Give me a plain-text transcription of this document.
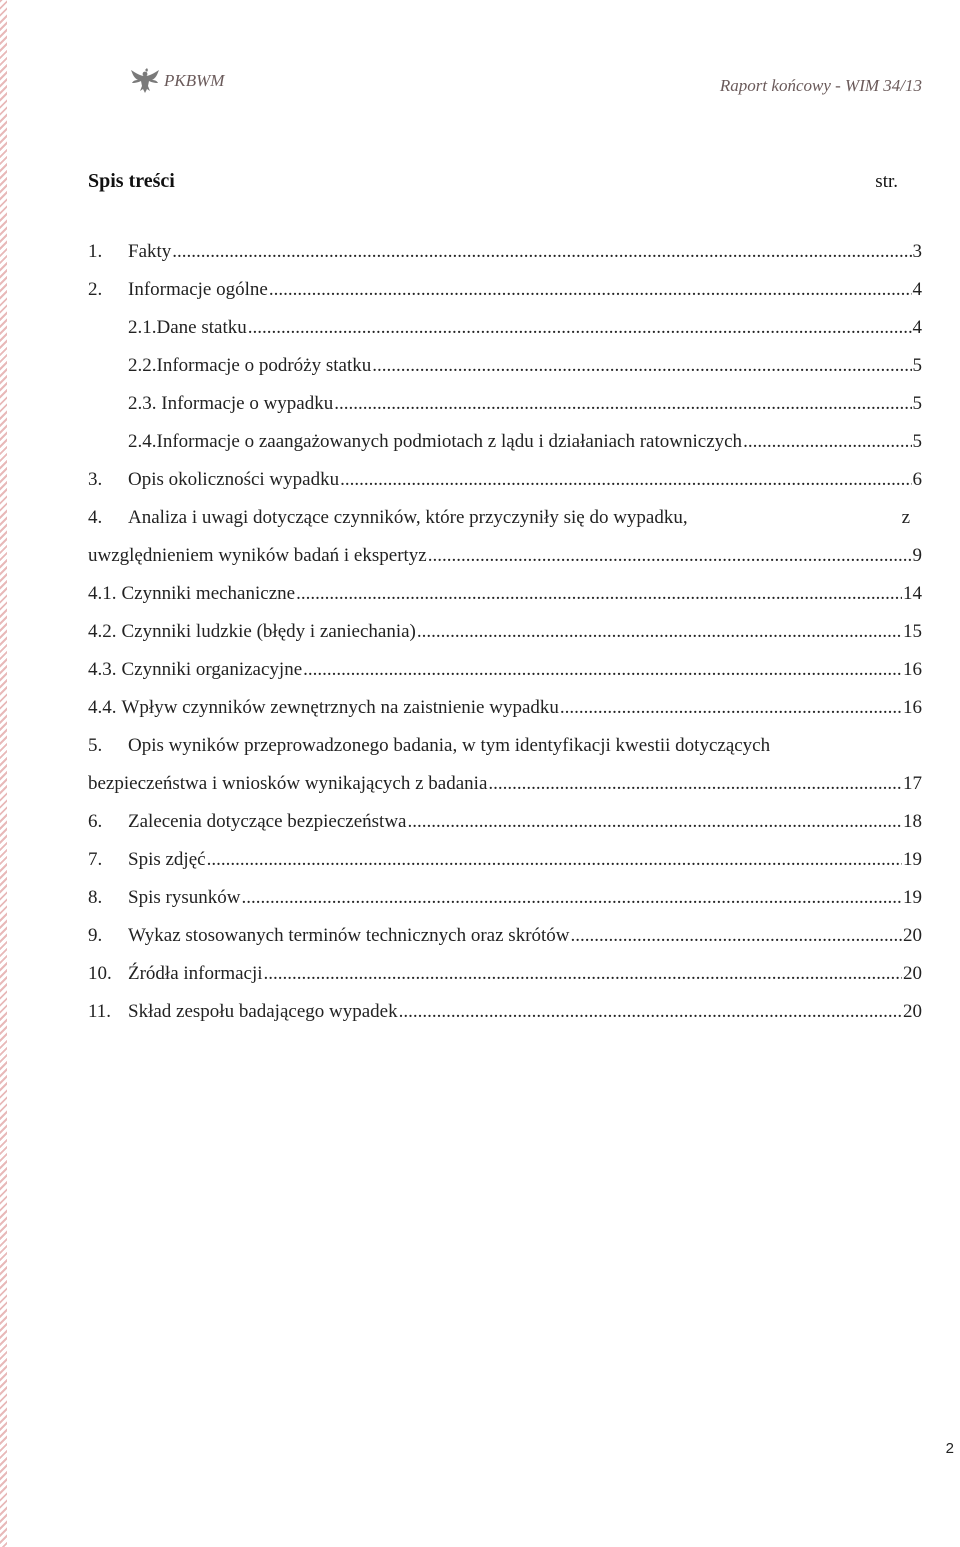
PKBWM	Raport końcowy - WIM 34/13
Spis treści	str.
1.	Fakty .....	3
2.	Informacje ogólne .....	4
2.1. Dane statku .....	4
2.2. Informacje o podróży statku .....	5
2.3. Informacje o wypadku .....	5
2.4. Informacje o zaangażowanych podmiotach z lądu i działaniach ratowniczych .....	5
3.	Opis okoliczności wypadku .....	6
4. Analiza i uwagi dotyczące czynników, które przyczyniły się do wypadku,	z
uwzględnieniem wyników badań i ekspertyz .....	9
4.1. Czynniki mechaniczne .....	14
4.2. Czynniki ludzkie (błędy i zaniechania) .....	15
4.3. Czynniki organizacyjne .....	16
4.4. Wpływ czynników zewnętrznych na zaistnienie wypadku .....	16
5.	Opis wyników przeprowadzonego badania, w tym identyfikacji kwestii dotyczących
bezpieczeństwa i wniosków wynikających z badania .....	17
6.	Zalecenia dotyczące bezpieczeństwa .....	18
7.	Spis zdjęć .....	19
8.	Spis rysunków .....	19
9.	Wykaz stosowanych terminów technicznych oraz skrótów .....	20
10. Źródła informacji .....	20
11. Skład zespołu badającego wypadek .....	20
2
